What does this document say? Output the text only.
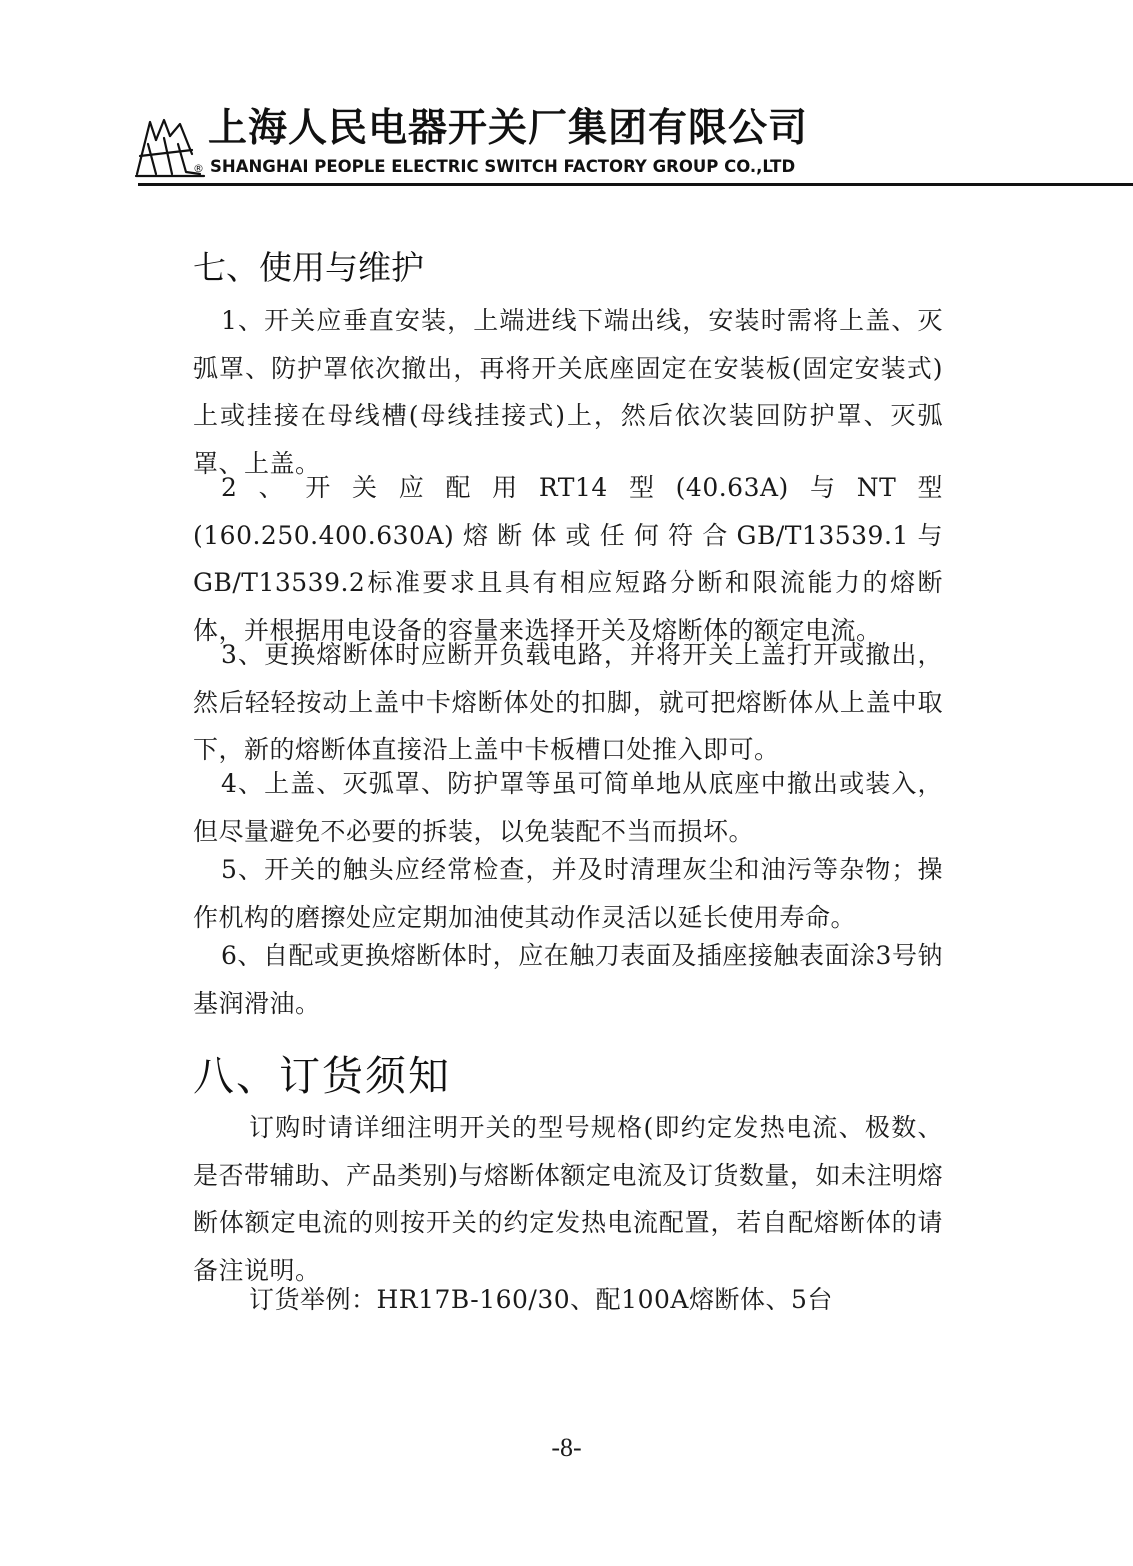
上海人民电器开关厂集团有限公司
® SHANGHAI PEOPLE ELECTRIC SWITCH FACTORY GROUP CO.,LTD
七、使用与维护

1、开关应垂直安装，上端进线下端出线，安装时需将上盖、灭弧罩、防护罩依次撤出，再将开关底座固定在安装板(固定安装式)上或挂接在母线槽(母线挂接式)上，然后依次装回防护罩、灭弧罩、上盖。

2、开关应配用RT14型(40.63A)与NT型(160.250.400.630A)熔断体或任何符合GB/T13539.1与GB/T13539.2标准要求且具有相应短路分断和限流能力的熔断体，并根据用电设备的容量来选择开关及熔断体的额定电流。

3、更换熔断体时应断开负载电路，并将开关上盖打开或撤出，然后轻轻按动上盖中卡熔断体处的扣脚，就可把熔断体从上盖中取下，新的熔断体直接沿上盖中卡板槽口处推入即可。

4、上盖、灭弧罩、防护罩等虽可简单地从底座中撤出或装入，但尽量避免不必要的拆装，以免装配不当而损坏。

5、开关的触头应经常检查，并及时清理灰尘和油污等杂物；操作机构的磨擦处应定期加油使其动作灵活以延长使用寿命。

6、自配或更换熔断体时，应在触刀表面及插座接触表面涂3号钠基润滑油。

八、订货须知

订购时请详细注明开关的型号规格(即约定发热电流、极数、是否带辅助、产品类别)与熔断体额定电流及订货数量，如未注明熔断体额定电流的则按开关的约定发热电流配置，若自配熔断体的请备注说明。

订货举例：HR17B-160/30、配100A熔断体、5台

-8-
